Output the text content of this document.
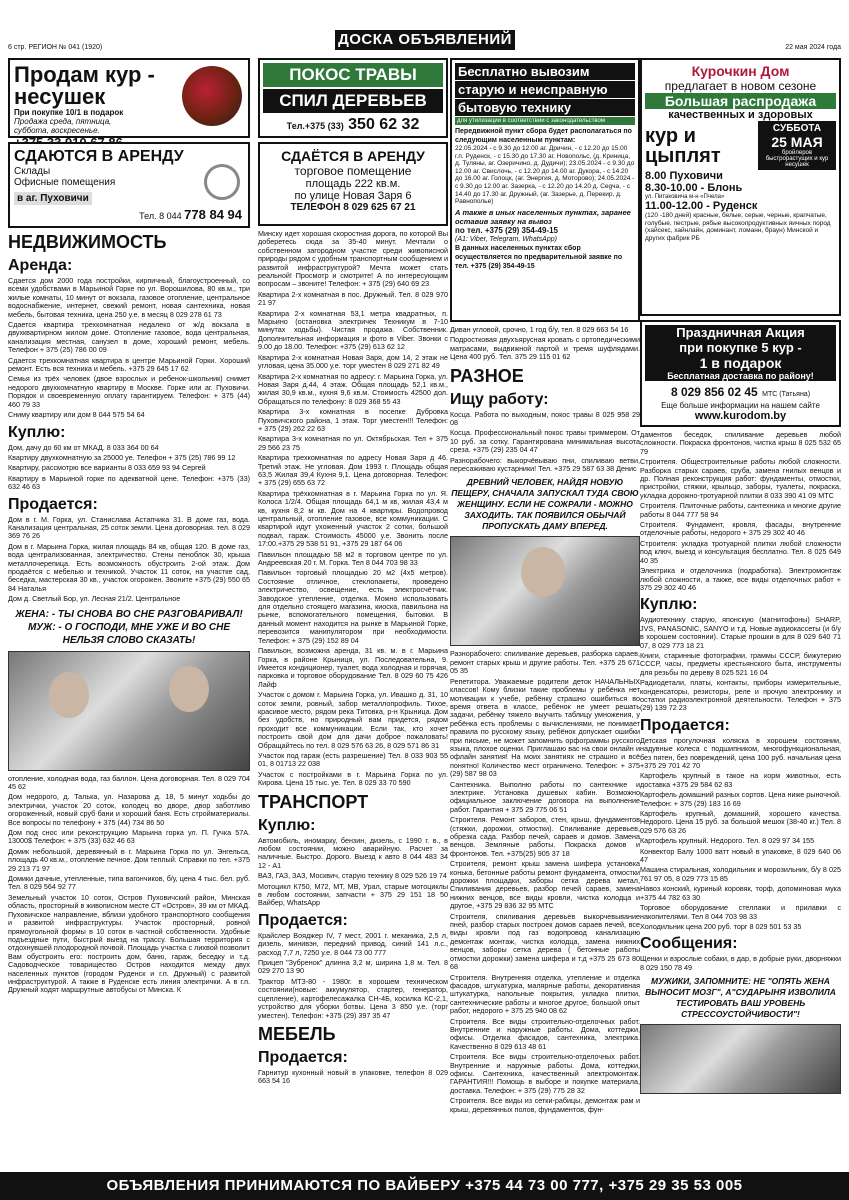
ДОСКА ОБЪЯВЛЕНИЙ
6 стр. РЕГИОН № 041 (1920)	22 мая 2024 года
Продам кур -
несушек
При покупке 10/1 в подарок
Продажа среда, пятница, суббота, воскресенье.
СДАЮТСЯ В АРЕНДУ
Склады
Офисные помещения
в аг. Пуховичи
Тел. 8 044 778 84 94
НЕДВИЖИМОСТЬ
Аренда:

Сдается дом 2000 года постройки, кирпичный, благоустроенный, со всеми удобствами в Марьиной Горке по ул. Ворошилова, 80 кв.м., три жилые комнаты, 10 минут от вокзала, газовое отопление, центральное водоснабжение, интернет, свежий ремонт, новая сантехника, новая мебель, бытовая техника, цена 250 у.е. в месяц 8 029 278 61 73

Сдается квартира трехкомнатная недалеко от ж/д вокзала в двухквартирном жилом доме. Отопление газовое, вода центральная, канализация местная, санузел в доме, хороший ремонт, мебель. Телефон + 375 (25) 786 00 09

Сдается трехкомнатная квартира в центре Марьиной Горки. Хороший ремонт. Есть вся техника и мебель. +375 29 645 17 62

Семья из трёх человек (двое взрослых и ребенок-школьник) снимет недорого двухкомнатную квартиру в Москве. Горке или аг. Пуховичи. Порядок и своевременную оплату гарантируем. Телефон: + 375 (44) 460 79 33

Сниму квартиру или дом 8 044 575 54 64

Куплю:

Дом, дачу до 60 км от МКАД. 8 033 364 00 64

Квартиру двухкомнатную за 25000 уе. Телефон + 375 (25) 786 99 12

Квартиру, рассмотрю все варианты 8 033 659 93 94 Сергей

Квартиру в Марьиной горке по адекватной цене. Телефон: +375 (33) 632 46 63

Продается:

Дом в г. М. Горка, ул. Станислава Астапчика 31. В доме газ, вода. Канализация центральная, 25 соток земли. Цена договорная. тел. 8 029 369 76 26

Дом в г. Марьина Горка, жилая площадь 84 кв, общая 120. В доме газ, вода централизованная, электричество. Стены пеноблок 30, крыша металлочерепица. Есть возможность обустроить 2-ой этаж. Дом продаётся с мебелью и техникой. Участок 11 соток, на участке сад, беседка, мастерская 30 кв., участок огорожен. Звоните +375 (29) 550 65 84 Наталья

Дом д. Светлый Бор, ул. Лесная 21/2. Центральное

ЖЕНА: - ТЫ СНОВА ВО СНЕ РАЗГОВАРИВАЛ! МУЖ: - О ГОСПОДИ, МНЕ УЖЕ И ВО СНЕ НЕЛЬЗЯ СЛОВО СКАЗАТЬ!

отопление, холодная вода, газ баллон. Цена договорная. Тел. 8 029 704 45 62

Дом недорого, д. Талька, ул. Назарова д. 18, 5 минут ходьбы до электрички, участок 20 соток, колодец во дворе, двор заботливо огороженный, новый сруб бани и хороший баня. Есть стройматериалы. Все вопросы по телефону + 375 (44) 734 86 50

Дом под снос или реконструкцию Марьина горка ул. П. Гучка 57А. 13000$ Телефон: + 375 (33) 632 46 63

Домик небольшой, деревянный в г. Марьина Горка по ул. Энгельса, площадь 40 кв.м., отопление печное. Дом теплый. Справки по тел. +375 29 213 71 97

Домики дачные, утепленные, типа вагончиков, б/у, цена 4 тыс. бел. руб. Тел. 8 029 564 92 77

Земельный участок 10 соток, Остров Пуховичский район, Минская область, просторный в живописном месте СТ «Остров», 39 км от МКАД. Пуховичское направление, вблизи удобного транспортного сообщения и развитой инфраструктуры. Участок просторный, ровной прямоугольной формы в 10 соток в частной собственности. Удобные подъездные пути, быстрый выезд на трассу. Большая территория с отдохнувшей плодородной почвой. Площадь участка с лихвой позволит Вам обустроить его: построить дом, баню, гараж, беседку и т.д. Садоводческое товарищество Остров находится между двух населенных пунктов (городом Руденск и г.п. Дружный) с развитой инфраструктурой. А также в Руденске есть линия электрички. А в г.п. Дружный ходят маршрутные автобусы от Минска. К

ПОКОС ТРАВЫ
СПИЛ ДЕРЕВЬЕВ
Тел.+375 (33) 350 62 32
СДАЁТСЯ В АРЕНДУ
торговое помещение
площадь 222 кв.м.
по улице Новая Заря 6
ТЕЛЕФОН 8 029 625 67 21

Минску идет хорошая скоростная дорога, по которой Вы доберетесь сюда за 35-40 минут. Мечтали о собственном загородном участке среди живописной природы рядом с удобным транспортным сообщением и развитой инфраструктурой? Мечта может стать реальной! Просмотр и смотрите! А по интересующим вопросам – звоните! Телефон: + 375 (29) 640 69 23

Квартира 2-х комнатная в пос. Дружный. Тел. 8 029 970 21 97

Квартира 2-х комнатная 53,1 метра квадратных, п. Марьино (остановка электричек Техникум в 7-10 минутах ходьбы). Чистая продажа. Собственник. Дополнительная информация и фото в Viber. Звонки с 9.00 до 18.00. Телефон: +375 (29) 613 62 12

Квартира 2-х комнатная Новая Заря, дом 14, 2 этаж не угловая, цена 35.000 у.е. торг уместен 8 029 271 82 49

Квартира 2-х комнатная по адресу: г. Марьина Горка, ул. Новая Заря д.44, 4 этаж. Общая площадь 52,1 кв.м., жилая 30,9 кв.м., кухня 9,6 кв.м. Стоимость 42500 дол. Обращаться по телефону: 8 029 368 55 43

Квартира 3-х комнатная в поселке Дубровка Пуховичского района, 1 этаж. Торг уместен!!! Телефон: + 375 (29) 262 22 63

Квартира 3-х комнатная по ул. Октябрьская. Тел + 375 29 566 23 75

Квартира трехкомнатная по адресу Новая Заря д 46. Третий этаж. Не угловая. Дом 1993 г. Площадь общая 63,5 Жилая 39,4 Кухня 9,1. Цена договорная. Телефон: + 375 (29) 655 63 72

Квартира трёхкомнатная в г. Марьина Горка по ул. Я. Колоса 1/2/4. Общая площадь 64,1 м кв, жилая 43,4 м кв, кухня 8,2 м кв. Дом на 4 квартиры. Водопровод центральный, отопление газовое, все коммуникации. С квартирой идут ухоженный участок 2 сотки, большой подвал, гараж. Стоимость 45000 у.е. Звонить после 17:00.+375 29 538 51 91, +375 29 187 64 06

Павильон площадью 58 м2 в торговом центре по ул. Андреевская 20 г. М. Горка. Тел 8 044 703 98 33

Павильон торговый площадью 20 м2 (4х5 метров). Состояние отличное, стеклопакеты, проведено электричество, освещение, есть электросчётчик. Заводское утепление, отделка. Можно использовать для отдельно стоящего магазина, киоска, павильона на рынке, вспомогательного помещения, бытовки. В данный момент находится на рынке в Марьиной Горке, перевозится манипулятором при необходимости. Телефон: + 375 (29) 152 89 04

Павильон, возможна аренда, 31 кв. м. в г. Марьина Горка, в районе Крыниця, ул. Последовательна, 9. Имеется кондиционер, туалет, вода холодная и горячая, парковка и торговое оборудование Тел. 8 029 60 75 426 Лайф

Участок с домом г. Марьина Горка, ул. Ивашко д. 31, 10 соток земли, ровный, забор металлопрофиль. Тихое, красивое место, рядом река Титовка, р-н Крыница. Дом без удобств, но природный вам придется, рядом проходит все коммуникации. Если так, кто хочет построить свой дом для дачи доброе пожаловать! Обращайтесь по тел. 8 029 576 63 26, 8 029 571 86 31

Участок под гараж (есть разрешение) Тел. 8 033 903 55 01, 8 01713 22 038

Участок с постройками в г. Марьина Горка по ул. Кирова. Цена 15 тыс. уе. Тел. 8 029 33 70 590

ТРАНСПОРТ
Куплю:

Автомобиль, иномарку, бензин, дизель, с 1990 г. в., в любом состоянии, можно аварийную. Расчет за наличные. Быстро. Дорого. Выезд к авто 8 044 483 34 12 - А1

ВАЗ, ГАЗ, ЗАЗ, Москвич, старую технику 8 029 526 19 74

Мотоцикл К750, М72, МТ, МВ, Урал, старые мотоциклы в любом состоянии, запчасти + 375 29 151 18 50 Вайбер, WhatsApp

Продается:

Крайслер Вояджер IV, 7 мест, 2001 г. механика, 2,5 л, дизель, минивэн, передний привод, синий 141 л.с., расход 7,7 л, 7250 у.е. 8 044 73 00 777

Прицеп "Зубренок" длинна 3,2 м, ширина 1,8 м. Тел. 8 029 270 13 90

Трактор МТЗ-80 - 1980г. в хорошем техническом состоянии(новые: аккумулятор, стартер, генератор, сцепление), картофелесажалка CH-4Б, косилка КС-2,1, устройство для уборки ботвы. Цена 3 850 у.е. (торг уместен). Телефон: +375 (29) 397 35 47

МЕБЕЛЬ
Продается:

Гарнитур кухонный новый в упаковке, телефон 8 029 663 54 16

Бесплатно вывозим
старую и неисправную
бытовую технику
для утилизации в соответствии с законодательством
Передвижной пункт сбора будет располагаться по следующим населенным пунктам:
22.05.2024 - с 9.30 до 12.00 аг. Дричин, - с 12.20 до 15.00 г.п. Руденск, - с 15.30 до 17.30 аг. Новопольс, (д. Криница, д. Туляны, аг. Озеричино, д. Дудичи); 23.05.2024 - с 9.30 до 12.00 аг. Свислочь, - с 12.20 до 14.00 аг. Дукора, - с 14.20 до 16.00 аг. Голоцк, (аг. Энергия, д. Моторово); 24.05.2024 - с 9.30 до 12.00 аг. Зазерка, - с 12.20 до 14.20 д. Сеgча, - с 14.40 до 17.30 аг. Дружный, (аг. Зазерье, д. Перекир, д. Равнополье)
А также в иных населенных пунктах, заранее оставив заявку на вывоз
по тел. +375 (29) 354-49-15
(А1: Viber, Telegram, WhatsApp)
В данных населенных пунктах сбор осуществляется по предварительной заявке по тел. +375 (29) 354-49-15

Диван угловой, срочно, 1 год б/у, тел. 8 029 663 54 16

Подростковая двухъярусная кровать с ортопедическими матрасами, выдвижной партой и тремя шуфлядами. Цена 400 руб. Тел. 375 29 115 01 62

РАЗНОЕ
Ищу работу:

Косца. Работа по выходным, покос травы 8 025 958 29 08

Косца. Профессиональный покос травы триммером. От 10 руб. за сотку. Гарантирована минимальная высота среза. +375 (29) 235 04 47

Разнорабочего: выкорчёвываю пни, спиливаю ветви, пересаживаю кустарники! Тел. +375 29 587 63 38 Денис

ДРЕВНИЙ ЧЕЛОВЕК, НАЙДЯ НОВУЮ ПЕЩЕРУ, СНАЧАЛА ЗАПУСКАЛ ТУДА СВОЮ ЖЕНЩИНУ. ЕСЛИ НЕ СОЖРАЛИ - МОЖНО ЗАХОДИТЬ. ТАК ПОЯВИЛСЯ ОБЫЧАЙ ПРОПУСКАТЬ ДАМУ ВПЕРЕД.

Разнорабочего: спиливание деревьев, разборка сараев, ремонт старых крыш и другие работы. Тел. +375 25 671 05 35

Репетитора. Уважаемые родители деток НАЧАЛЬНЫХ классов! Кому близки такие проблемы у ребёнка нет мотивации к учебе, ребёнку страшно ошибиться во время ответа в классе, ребёнок не умеет решать задачи, ребёнку тяжело выучить таблицу умножения, у ребёнка есть проблемы с вычислениями, не понимает правила по русскому языку, ребёнок допускает ошибки при письме, не может запомнить орфограммы русского языка, плохое оценки. Приглашаю вас на свои онлайн и офлайн занятия! На моих занятиях не страшно и всё понятно! Количество мест ограничено. Телефон: + 375 (29) 587 98 03

Сантехника. Выполню работы по сантехнике и электрике. Установка душевых кабин. Возможно официальное заключение договора на выполнение работ. Гарантия + 375 29 775 06 51

Строителя. Ремонт заборов, стен, крыш, фундаментов (стяжки, дорожки, отмостки). Спиливание деревьев, обрезка сада. Разбор печей, сараев и домов. Замена венцов. Земляные работы. Покраска домов и фронтонов. Тел. +375(25) 905 37 18

Строителя, ремонт крыш замена шифера установка конька, бетонные работы ремонт фундамента, отмостки дорожки площадки, заборы сетка дерева метал, Спиливания деревьев, разбор печей сараев, замена нижних венцов, все виды кровли, чистка колодца и другое, +375 29 836 32 95 МТС

Строителя, спиливания деревьев выкорчевывание пней, разбор старых построек домов сараев печей, все виды кровли под газ водопровод канализацию демонтаж монтаж, чистка колодца, замена нижних венцов, заборы сетка дерева ( бетонные работы отмостки дорожки) замена шифера и т.д +375 25 673 80 68

Строителя. Внутренняя отделка, утепление и отделка фасадов, штукатурка, малярные работы, декоративная штукатурка, напольные покрытия, укладка плитки, сантехнические работы и многое другое, большой опыт работ, недорого + 375 25 940 08 62

Строителя. Все виды строительно-отделочных работ. Внутренние и наружные работы. Дома, коттеджи, офисы. Отделка фасадов, сантехника, электрика. Качественно 8 029 613 48 61

Строителя. Все виды строительно-отделочных работ. Внутренние и наружные работы. Дома, коттеджи, офисы. Сантехника, качественный электромонтаж. ГАРАНТИЯ!!! Помощь в выборе и покупке материала, доставка. Телефон: + 375 (29) 775 28 32

Строителя. Все виды из сетки-рабицы, демонтаж рам и крыш, деревянных полов, фундаментов, фун-

Курочкин Дом
предлагает в новом сезоне
Большая распродажа
качественных и здоровых
кур и
цыплят
СУББОТА
25 МАЯ
бройлеров быстрорастущих и кур несушек
8.00 Пуховичи
8.30-10.00 - Блонь
ул. Питаковича м-н «Пчела»
11.00-12.00 - Руденск
(120 -180 дней) красные, белые, серые, черные, крапчатые, голубые, пестрые, рябые высокопродуктивных яичных пород (хайсекс, хайнлайн, доминант, ломанн, браун) Минской и других фабрик РБ
Праздничная Акция
при покупке 5 кур -
1 в подарок
Бесплатная доставка по району!
8 029 856 02 45 МТС (Татьяна)
Еще больше информации на нашем сайте
www.kurodom.by

даментов беседок, спиливание деревьев любой сложности. Покраска фронтонов, чистка крыш 8 025 532 65 79

Строителя. Общестроительные работы любой сложности. Разборка старых сараев, сруба, замена гнилых венцов и др. Полная реконструкция работ: фундаменты, отмостки, пристройки, стяжки, крыльцо, заборы, туалеты, покраска, укладка дорожно-тротуарной плитки 8 033 390 41 09 МТС

Строителя. Плиточные работы, сантехника и многие другие работы 8 044 777 58 94

Строителя. Фундамент, кровля, фасады, внутренние отделочные работы, недорого + 375 29 302 40 46

Строителя: укладка тротуарной плитки любой сложности под ключ, выезд и консультация бесплатно. Тел. 8 025 649 40 35

Электрика и отделочника (подработка). Электромонтаж любой сложности, а также, все виды отделочных работ + 375 29 302 40 46

Куплю:

Аудиотехнику старую, японскую (магнитофоны) SHARP, JVS, PANASONIC, SANYO и т.д. Новые аудиокассеты (и б/у в хорошем состоянии). Старые прошки в для 8 029 640 71 07, 8 029 773 18 21

Книги, старинные фотографии, граммы СССР, бижутерию СССР, часы, предметы крестьянского быта, инструменты для резьбы по дереву 8 025 521 16 04

Радиодетали, платы, контакты, приборы измерительные, конденсаторы, резисторы, реле и прочую электронику и остатки радиоэлектронной деятельности. Телефон + 375 (29) 139 72 23

Продается:

Детская прогулочная коляска в хорошем состоянии, надувные колеса с подшипником, многофункциональная, без пятен, без повреждений, цена 100 руб. начальная цена +375 29 701 42 70

Картофель крупный в такое на корм животных, есть доставка +375 29 584 62 83

Картофель домашний разных сортов. Цена ниже рыночной. Телефон: + 375 (29) 183 16 69

Картофель крупный, домашний, хорошего качества. Недорого. Цена 15 руб. за большой мешок (38-40 кг.) Тел. 8 029 576 63 26

Картофель крупный. Недорого. Тел. 8 029 97 34 155

Конвектор Балу 1000 ватт новый в упаковке, 8 029 640 06 47

Машина стиральная, холодильник и морозильник, б/у 8 025 761 97 05, 8 029 773 15 85

Навоз конский, куриный коровяк, торф, допоминовая мука +375 44 782 63 30

Торговое оборудование стеллажи и прилавки с накопителями. Тел 8 044 703 98 33

Холодильник цена 200 руб. торг 8 029 501 53 35

Сообщения:

Щенки и взрослые собаки, в дар, в добрые руки, дворняжки 8 029 150 78 49

МУЖИКИ, ЗАПОМНИТЕ: НЕ "ОПЯТЬ ЖЕНА ВЫНОСИТ МОЗГ", А"СУДАРЫНЯ ИЗВОЛИЛА ТЕСТИРОВАТЬ ВАШ УРОВЕНЬ СТРЕССОУСТОЙЧИВОСТИ"!
ОБЪЯВЛЕНИЯ ПРИНИМАЮТСЯ ПО ВАЙБЕРУ +375 44 73 00 777, +375 29 35 53 005
